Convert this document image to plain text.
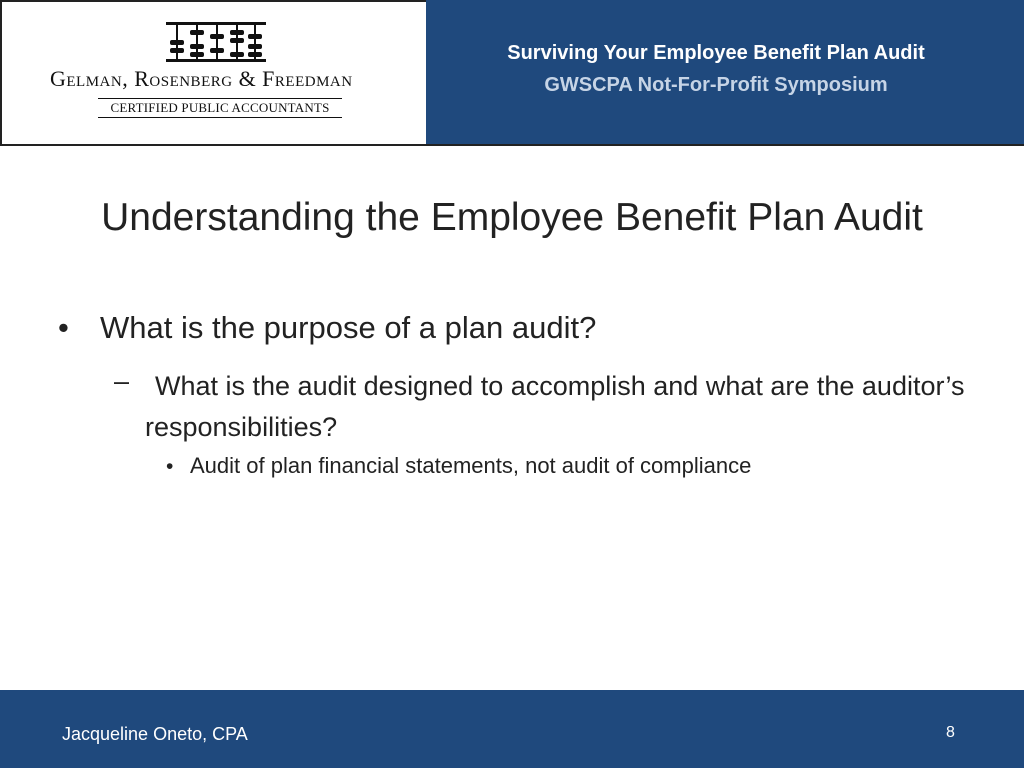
Gelman, Rosenberg & Freedman
CERTIFIED PUBLIC ACCOUNTANTS
Surviving Your Employee Benefit Plan Audit
GWSCPA Not-For-Profit Symposium
Understanding the Employee Benefit Plan Audit
• What is the purpose of a plan audit?
– What is the audit designed to accomplish and what are the auditor’s responsibilities?
• Audit of plan financial statements, not audit of compliance
Jacqueline Oneto, CPA	8
